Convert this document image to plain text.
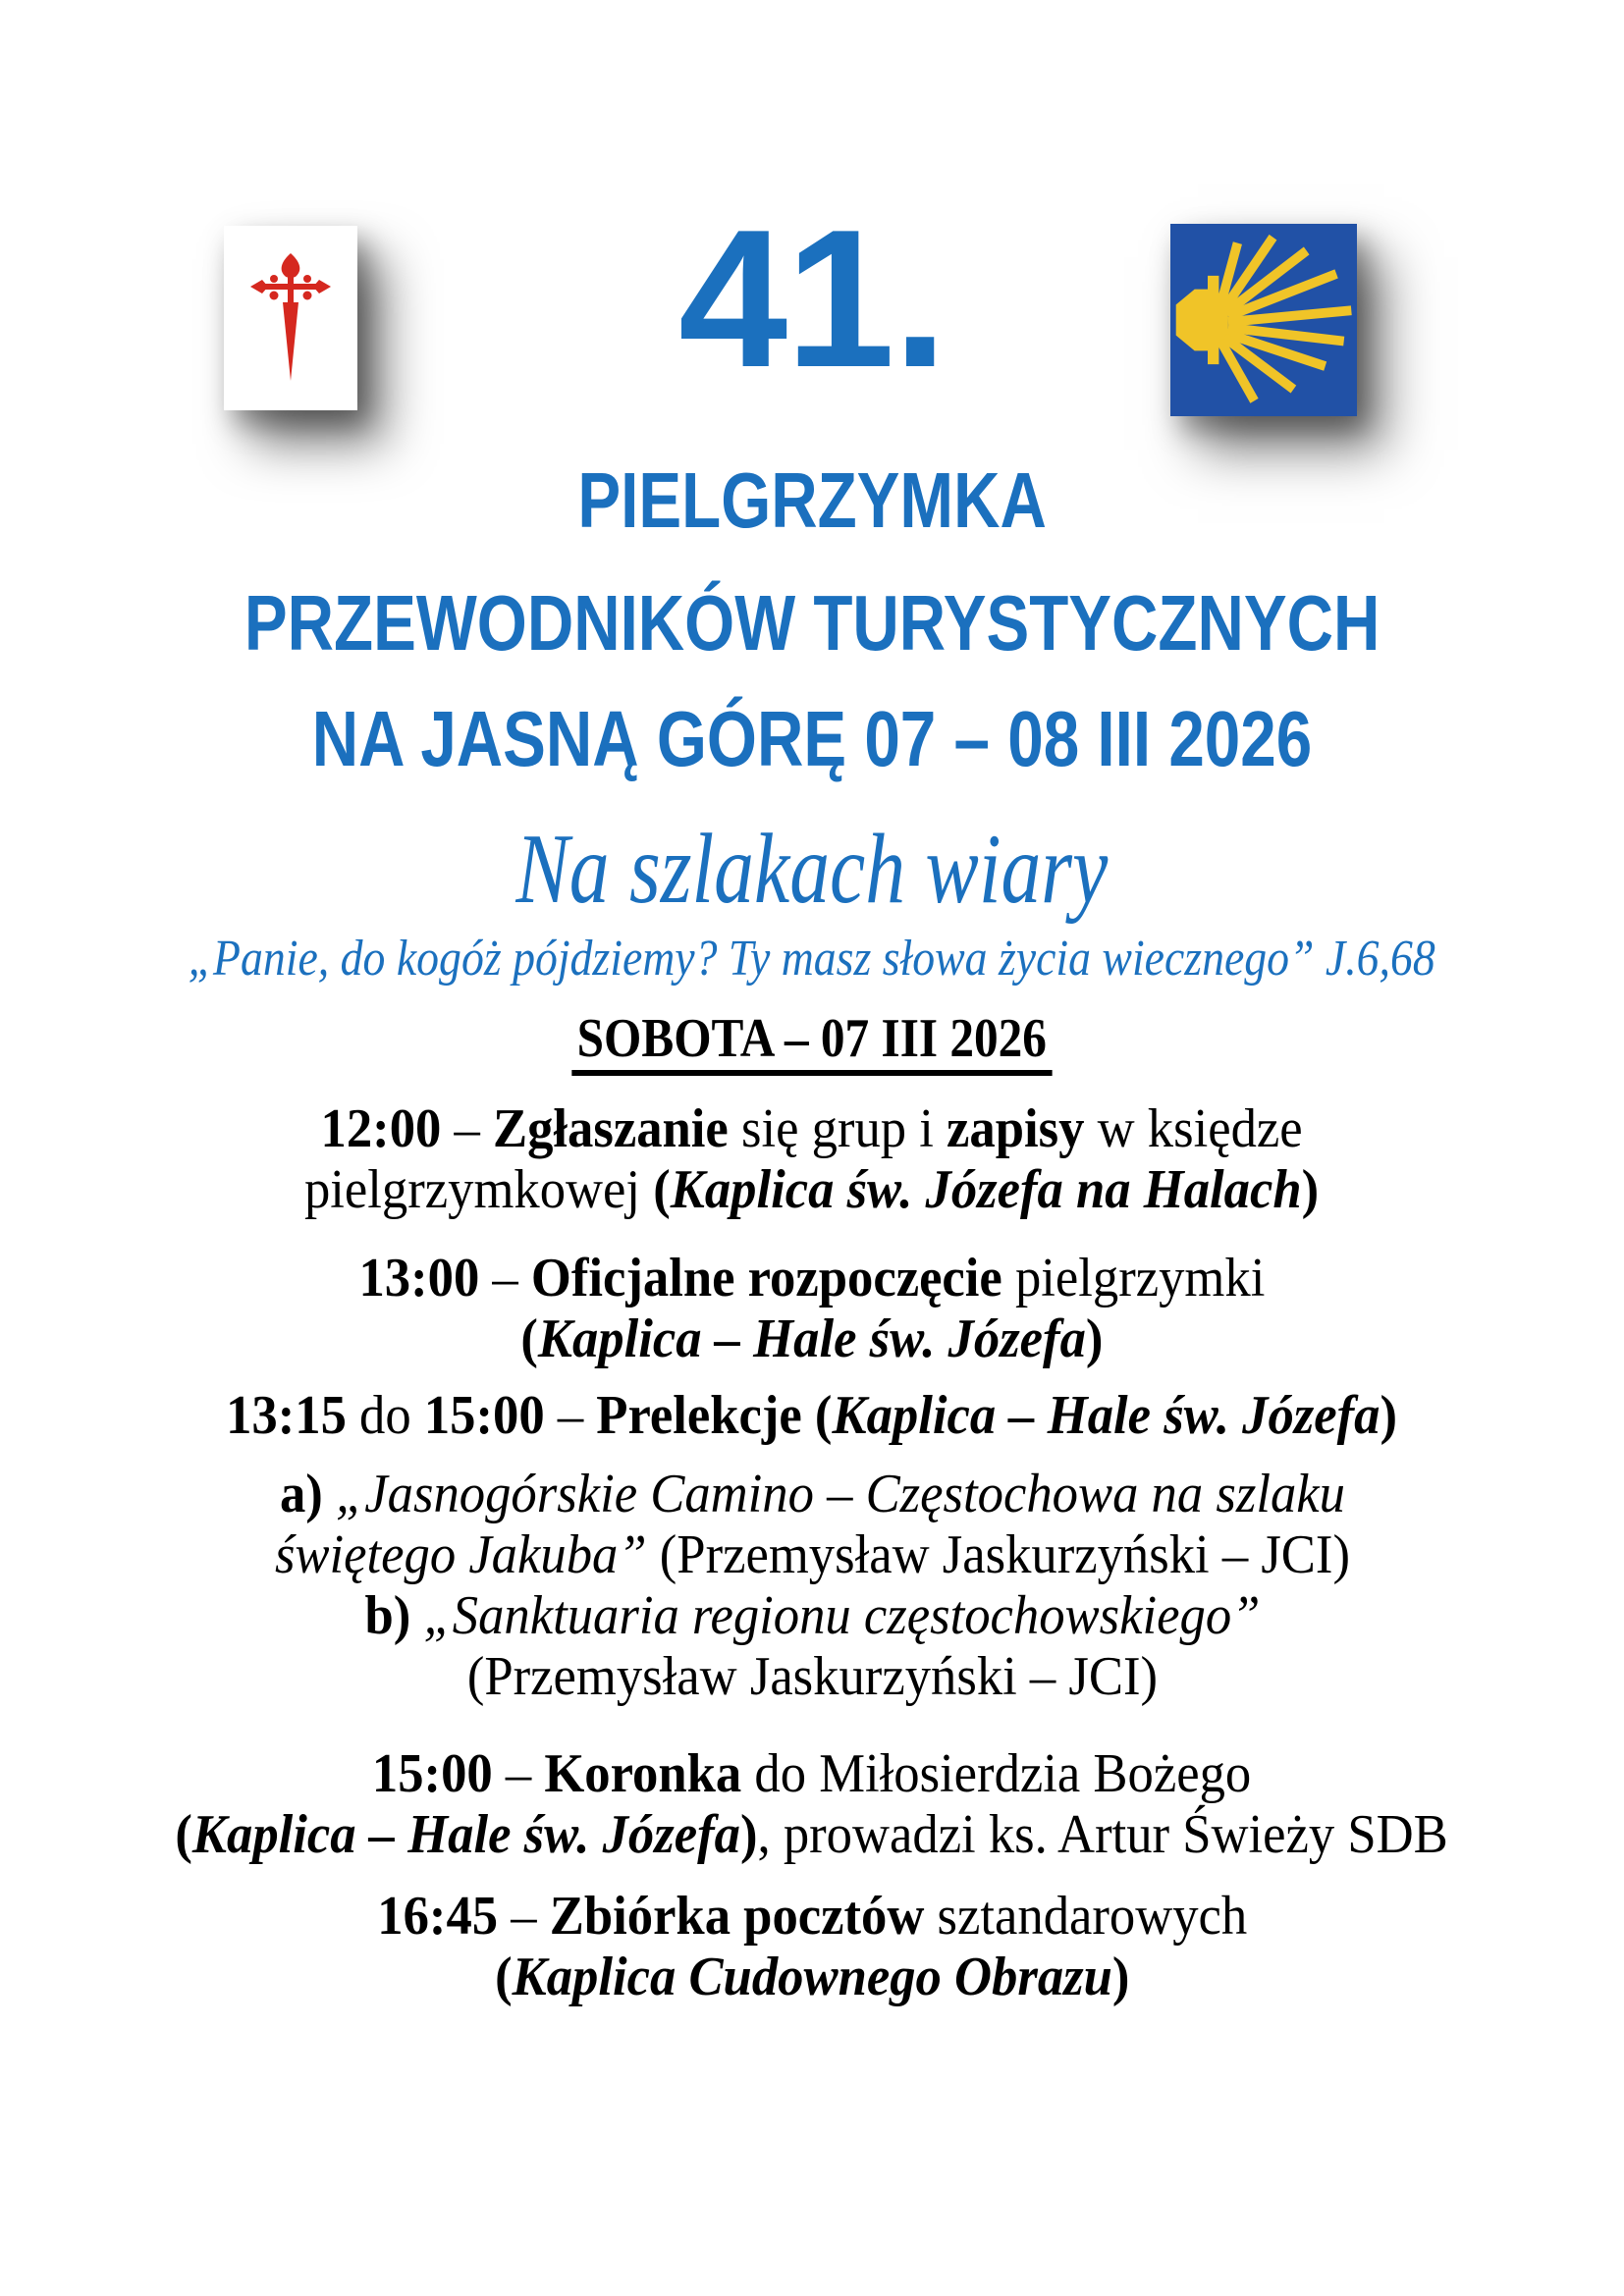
41.
PIELGRZYMKA
PRZEWODNIKÓW TURYSTYCZNYCH
NA JASNĄ GÓRĘ 07 – 08 III 2026
Na szlakach wiary
„Panie, do kogóż pójdziemy? Ty masz słowa życia wiecznego” J.6,68
SOBOTA – 07 III 2026

12:00 – Zgłaszanie się grup i zapisy w księdze
pielgrzymkowej (Kaplica św. Józefa na Halach)

13:00 – Oficjalne rozpoczęcie pielgrzymki
(Kaplica – Hale św. Józefa)

13:15 do 15:00 – Prelekcje (Kaplica – Hale św. Józefa)

a) „Jasnogórskie Camino – Częstochowa na szlaku
świętego Jakuba” (Przemysław Jaskurzyński – JCI)
b) „Sanktuaria regionu częstochowskiego”
(Przemysław Jaskurzyński – JCI)

15:00 – Koronka do Miłosierdzia Bożego
(Kaplica – Hale św. Józefa), prowadzi ks. Artur Świeży SDB

16:45 – Zbiórka pocztów sztandarowych
(Kaplica Cudownego Obrazu)
